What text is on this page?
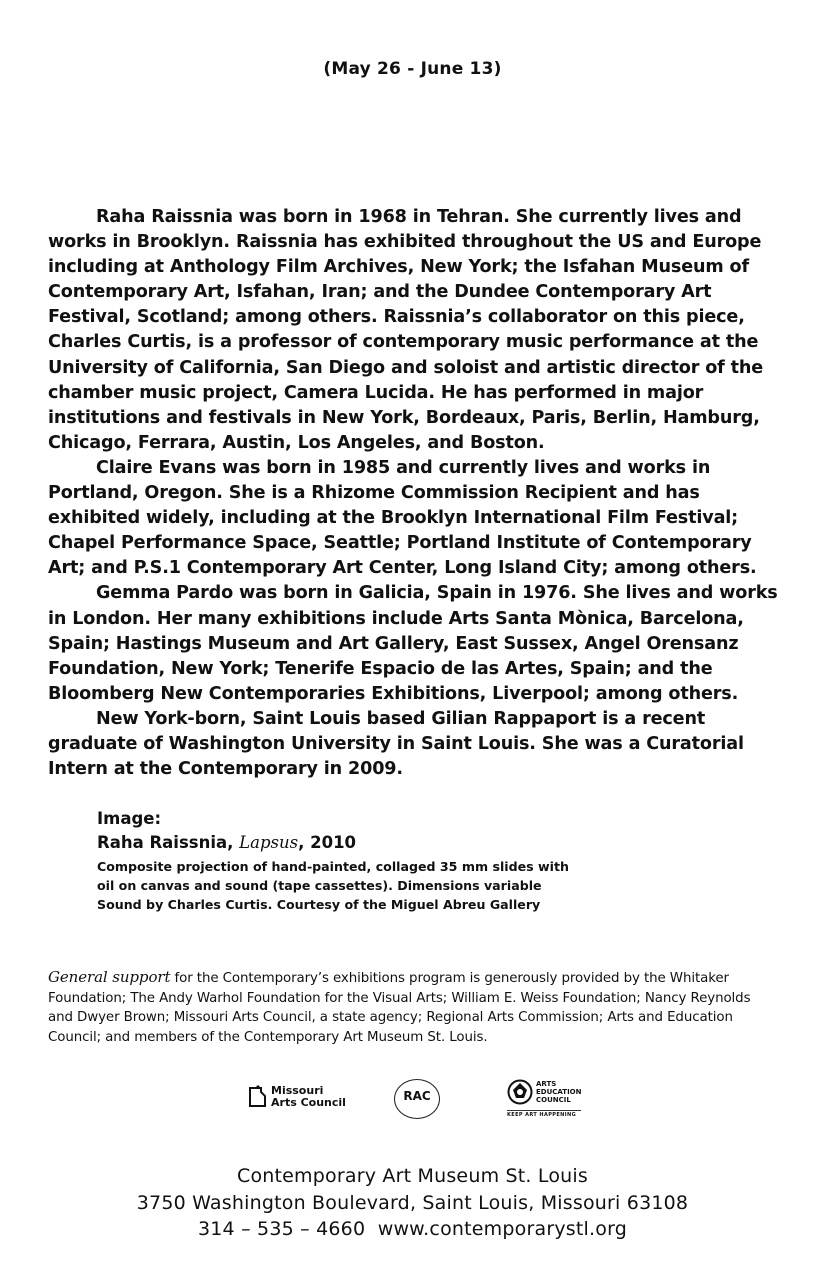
(May 26 - June 13)

Raha Raissnia was born in 1968 in Tehran. She currently lives and works in Brooklyn. Raissnia has exhibited throughout the US and Europe including at Anthology Film Archives, New York; the Isfahan Museum of Contemporary Art, Isfahan, Iran; and the Dundee Contemporary Art Festival, Scotland; among others. Raissnia’s collaborator on this piece, Charles Curtis, is a professor of contemporary music performance at the University of California, San Diego and soloist and artistic director of the chamber music project, Camera Lucida. He has performed in major institutions and festivals in New York, Bordeaux, Paris, Berlin, Hamburg, Chicago, Ferrara, Austin, Los Angeles, and Boston.

Claire Evans was born in 1985 and currently lives and works in Portland, Oregon. She is a Rhizome Commission Recipient and has exhibited widely, including at the Brooklyn International Film Festival; Chapel Performance Space, Seattle; Portland Institute of Contemporary Art; and P.S.1 Contemporary Art Center, Long Island City; among others.

Gemma Pardo was born in Galicia, Spain in 1976. She lives and works in London. Her many exhibitions include Arts Santa Mònica, Barcelona, Spain; Hastings Museum and Art Gallery, East Sussex, Angel Orensanz Foundation, New York; Tenerife Espacio de las Artes, Spain; and the Bloomberg New Contemporaries Exhibitions, Liverpool; among others.

New York-born, Saint Louis based Gilian Rappaport is a recent graduate of Washington University in Saint Louis. She was a Curatorial Intern at the Contemporary in 2009.

Image:
Raha Raissnia, Lapsus, 2010
Composite projection of hand-painted, collaged 35 mm slides with
oil on canvas and sound (tape cassettes). Dimensions variable
Sound by Charles Curtis. Courtesy of the Miguel Abreu Gallery
General support for the Contemporary’s exhibitions program is generously provided by the Whitaker Foundation; The Andy Warhol Foundation for the Visual Arts; William E. Weiss Foundation; Nancy Reynolds and Dwyer Brown; Missouri Arts Council, a state agency; Regional Arts Commission; Arts and Education Council; and members of the Contemporary Art Museum St. Louis.
Missouri
Arts Council	RAC
ARTS
EDUCATION
COUNCIL
KEEP ART HAPPENING
Contemporary Art Museum St. Louis
3750 Washington Boulevard, Saint Louis, Missouri 63108
314 – 535 – 4660  www.contemporarystl.org
